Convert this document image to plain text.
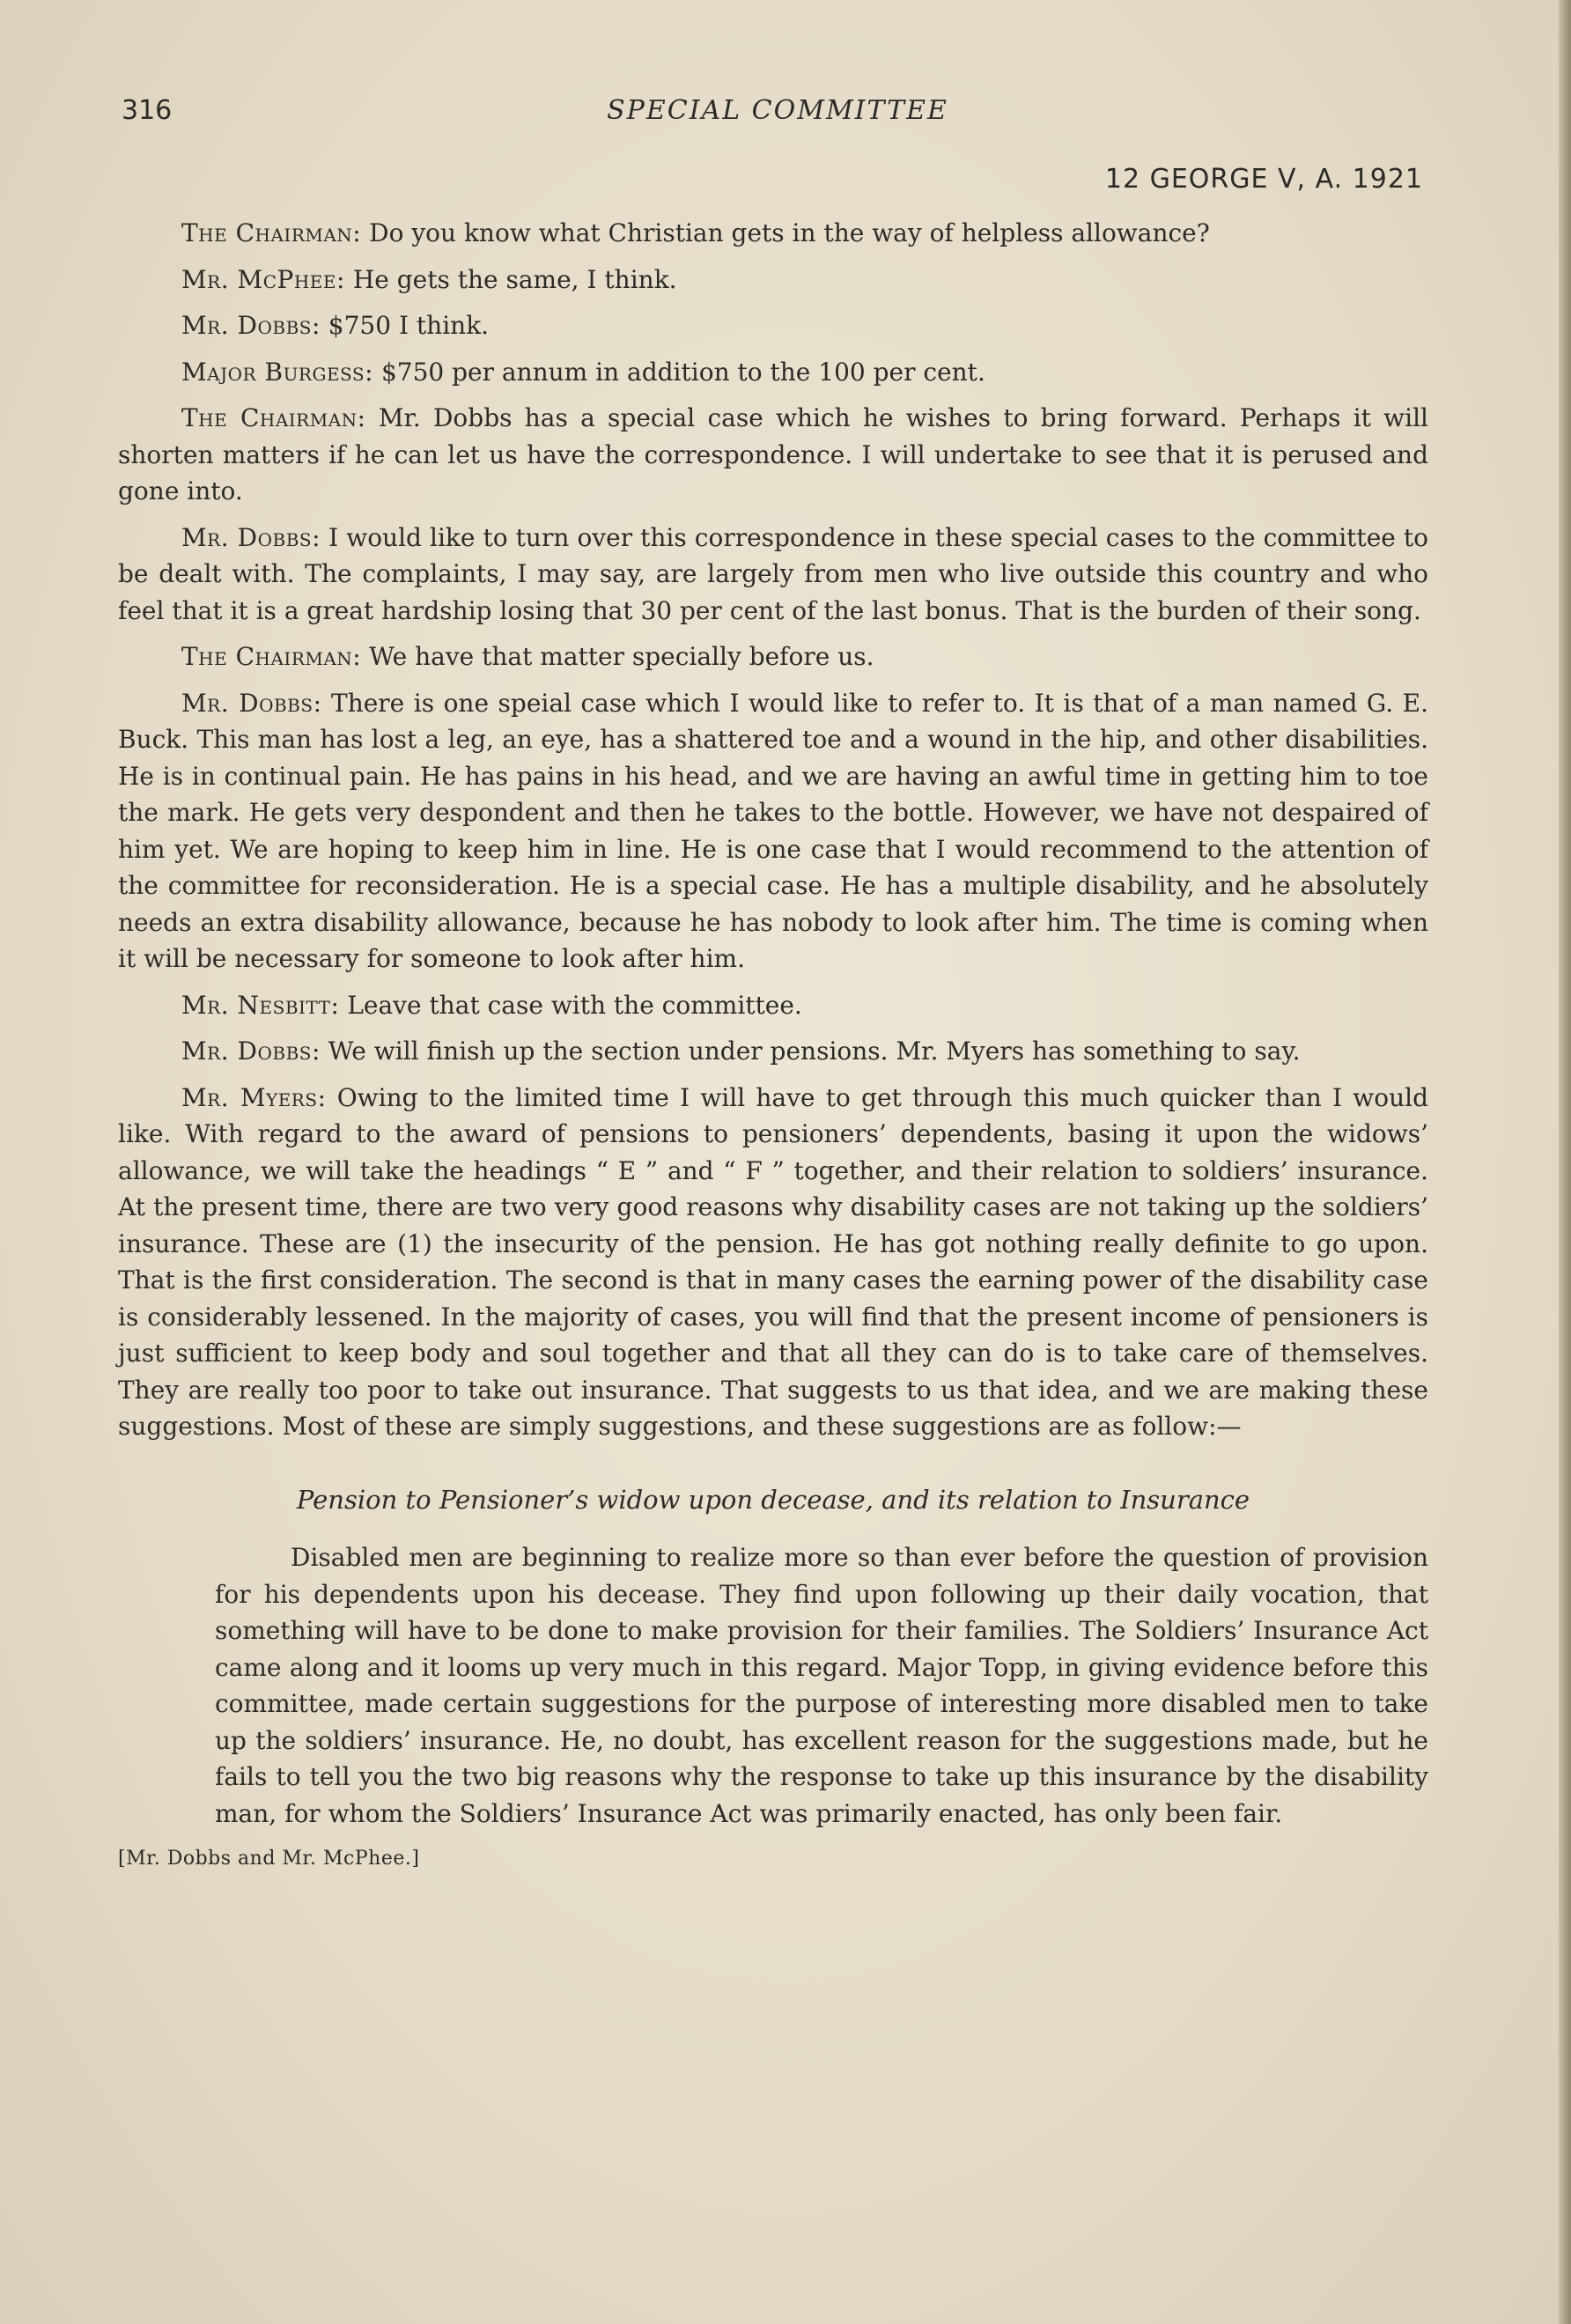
316	SPECIAL COMMITTEE
12 GEORGE V, A. 1921

The Chairman: Do you know what Christian gets in the way of helpless allowance?

Mr. McPhee: He gets the same, I think.

Mr. Dobbs: $750 I think.

Major Burgess: $750 per annum in addition to the 100 per cent.

The Chairman: Mr. Dobbs has a special case which he wishes to bring forward. Perhaps it will shorten matters if he can let us have the correspondence. I will undertake to see that it is perused and gone into.

Mr. Dobbs: I would like to turn over this correspondence in these special cases to the committee to be dealt with. The complaints, I may say, are largely from men who live outside this country and who feel that it is a great hardship losing that 30 per cent of the last bonus. That is the burden of their song.

The Chairman: We have that matter specially before us.

Mr. Dobbs: There is one speial case which I would like to refer to. It is that of a man named G. E. Buck. This man has lost a leg, an eye, has a shattered toe and a wound in the hip, and other disabilities. He is in continual pain. He has pains in his head, and we are having an awful time in getting him to toe the mark. He gets very despondent and then he takes to the bottle. However, we have not despaired of him yet. We are hoping to keep him in line. He is one case that I would recommend to the attention of the committee for reconsideration. He is a special case. He has a multiple disability, and he absolutely needs an extra disability allowance, because he has nobody to look after him. The time is coming when it will be necessary for someone to look after him.

Mr. Nesbitt: Leave that case with the committee.

Mr. Dobbs: We will finish up the section under pensions. Mr. Myers has something to say.

Mr. Myers: Owing to the limited time I will have to get through this much quicker than I would like. With regard to the award of pensions to pensioners’ dependents, basing it upon the widows’ allowance, we will take the headings “ E ” and “ F ” together, and their relation to soldiers’ insurance. At the present time, there are two very good reasons why disability cases are not taking up the soldiers’ insurance. These are (1) the insecurity of the pension. He has got nothing really definite to go upon. That is the first consideration. The second is that in many cases the earning power of the disability case is considerably lessened. In the majority of cases, you will find that the present income of pensioners is just sufficient to keep body and soul together and that all they can do is to take care of themselves. They are really too poor to take out insurance. That suggests to us that idea, and we are making these suggestions. Most of these are simply suggestions, and these suggestions are as follow:—

Pension to Pensioner’s widow upon decease, and its relation to Insurance

Disabled men are beginning to realize more so than ever before the question of provision for his dependents upon his decease. They find upon following up their daily vocation, that something will have to be done to make provision for their families. The Soldiers’ Insurance Act came along and it looms up very much in this regard. Major Topp, in giving evidence before this committee, made certain suggestions for the purpose of interesting more disabled men to take up the soldiers’ insurance. He, no doubt, has excellent reason for the suggestions made, but he fails to tell you the two big reasons why the response to take up this insurance by the disability man, for whom the Soldiers’ Insurance Act was primarily enacted, has only been fair.

[Mr. Dobbs and Mr. McPhee.]
